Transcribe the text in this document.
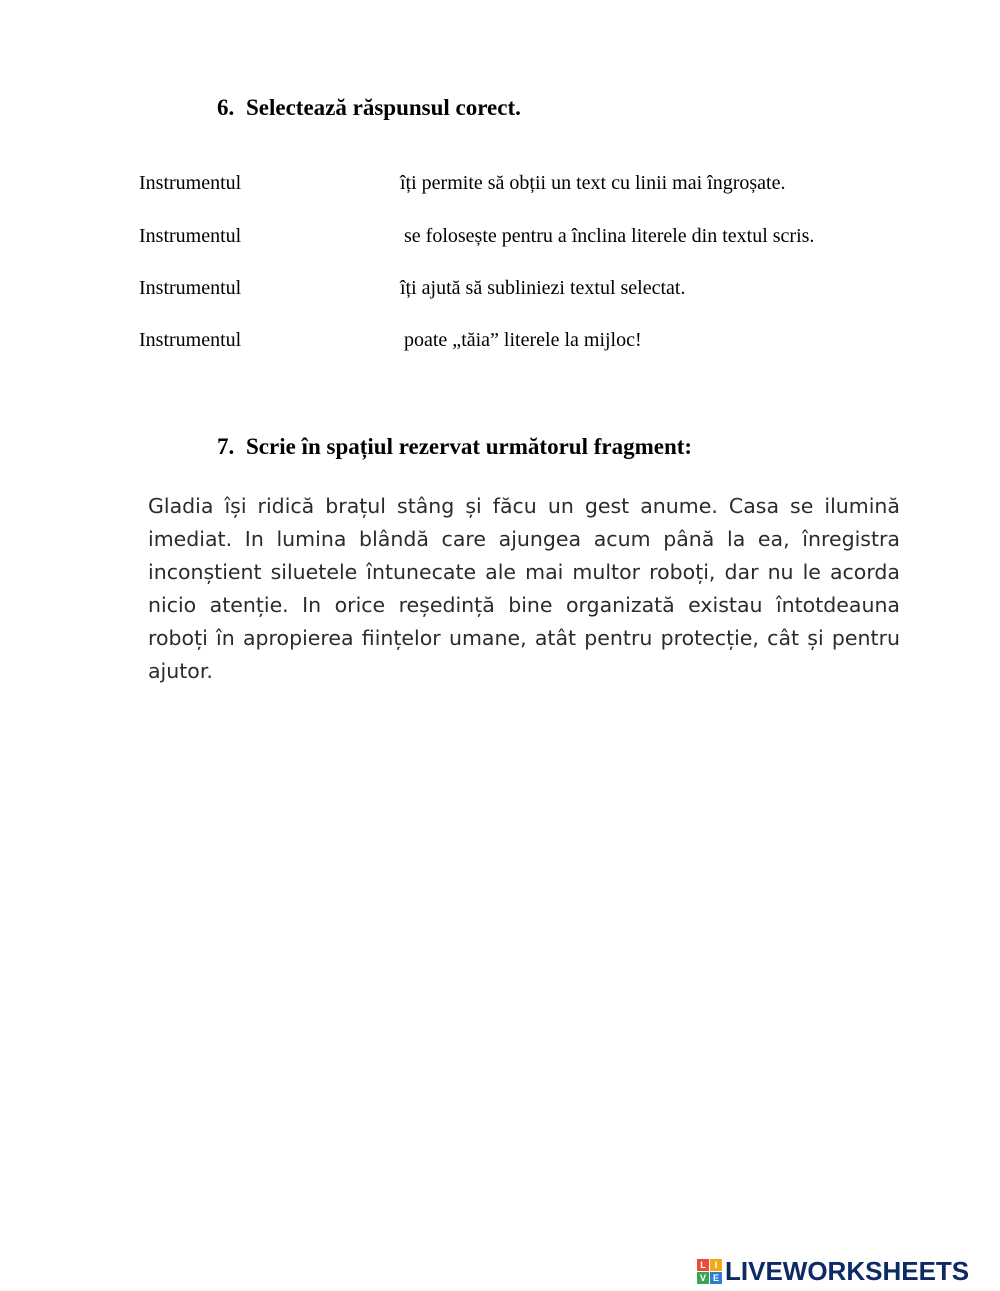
6. Selectează răspunsul corect.
Instrumentul	îți permite să obții un text cu linii mai îngroșate.
Instrumentul	se folosește pentru a înclina literele din textul scris.
Instrumentul	îți ajută să subliniezi textul selectat.
Instrumentul	poate „tăia” literele la mijloc!
7. Scrie în spațiul rezervat următorul fragment:
Gladia își ridică brațul stâng și făcu un gest anume. Casa se ilumină imediat. In lumina blândă care ajungea acum până la ea, înregistra inconștient siluetele întunecate ale mai multor roboți, dar nu le acorda nicio atenție. In orice reședință bine organizată existau întotdeauna roboți în apropierea ființelor umane, atât pentru protecție, cât și pentru ajutor.
L I
V E LIVEWORKSHEETS
